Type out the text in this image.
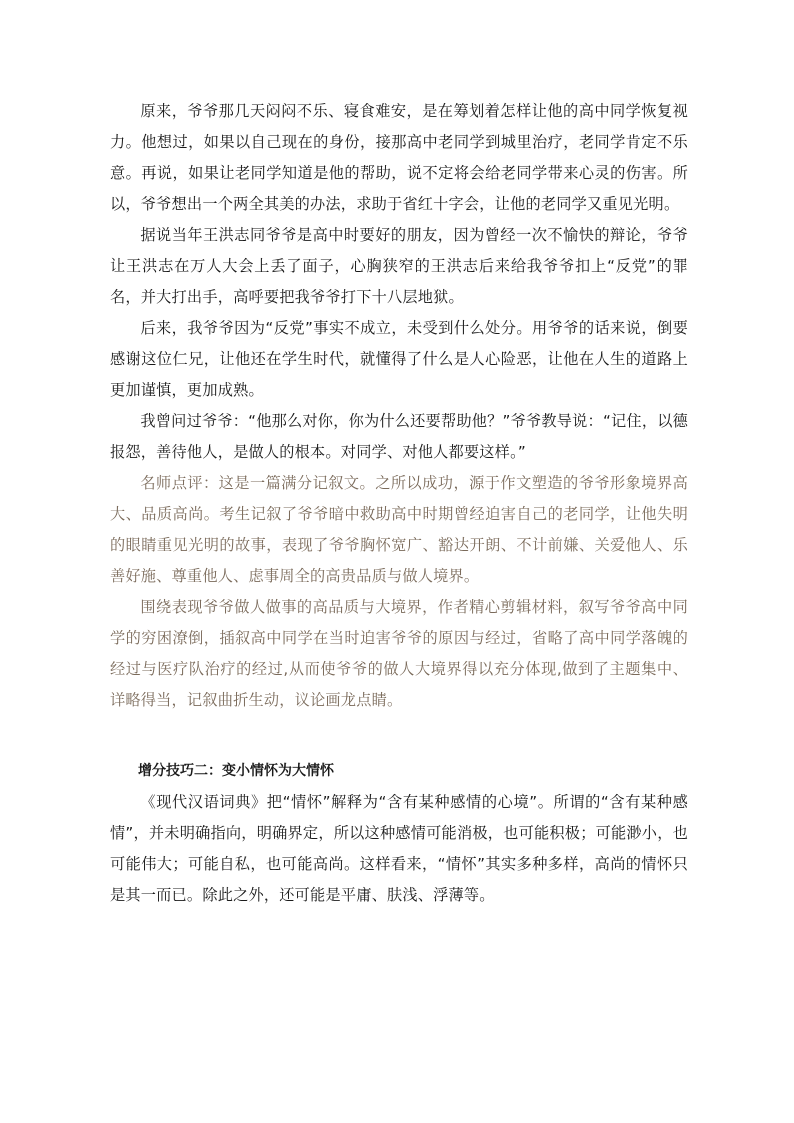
原来，爷爷那几天闷闷不乐、寝食难安，是在筹划着怎样让他的高中同学恢复视力。他想过，如果以自己现在的身份，接那高中老同学到城里治疗，老同学肯定不乐意。再说，如果让老同学知道是他的帮助，说不定将会给老同学带来心灵的伤害。所以，爷爷想出一个两全其美的办法，求助于省红十字会，让他的老同学又重见光明。

据说当年王洪志同爷爷是高中时要好的朋友，因为曾经一次不愉快的辩论，爷爷让王洪志在万人大会上丢了面子，心胸狭窄的王洪志后来给我爷爷扣上“反党”的罪名，并大打出手，高呼要把我爷爷打下十八层地狱。

后来，我爷爷因为“反党”事实不成立，未受到什么处分。用爷爷的话来说，倒要感谢这位仁兄，让他还在学生时代，就懂得了什么是人心险恶，让他在人生的道路上更加谨慎，更加成熟。

我曾问过爷爷：“他那么对你，你为什么还要帮助他？”爷爷教导说：“记住，以德报怨，善待他人，是做人的根本。对同学、对他人都要这样。”

名师点评：这是一篇满分记叙文。之所以成功，源于作文塑造的爷爷形象境界高大、品质高尚。考生记叙了爷爷暗中救助高中时期曾经迫害自己的老同学，让他失明的眼睛重见光明的故事，表现了爷爷胸怀宽广、豁达开朗、不计前嫌、关爱他人、乐善好施、尊重他人、虑事周全的高贵品质与做人境界。

围绕表现爷爷做人做事的高品质与大境界，作者精心剪辑材料，叙写爷爷高中同学的穷困潦倒，插叙高中同学在当时迫害爷爷的原因与经过，省略了高中同学落魄的经过与医疗队治疗的经过,从而使爷爷的做人大境界得以充分体现,做到了主题集中、详略得当，记叙曲折生动，议论画龙点睛。

增分技巧二：变小情怀为大情怀

《现代汉语词典》把“情怀”解释为“含有某种感情的心境”。所谓的“含有某种感情”，并未明确指向，明确界定，所以这种感情可能消极，也可能积极；可能渺小，也可能伟大；可能自私，也可能高尚。这样看来，“情怀”其实多种多样，高尚的情怀只是其一而已。除此之外，还可能是平庸、肤浅、浮薄等。
